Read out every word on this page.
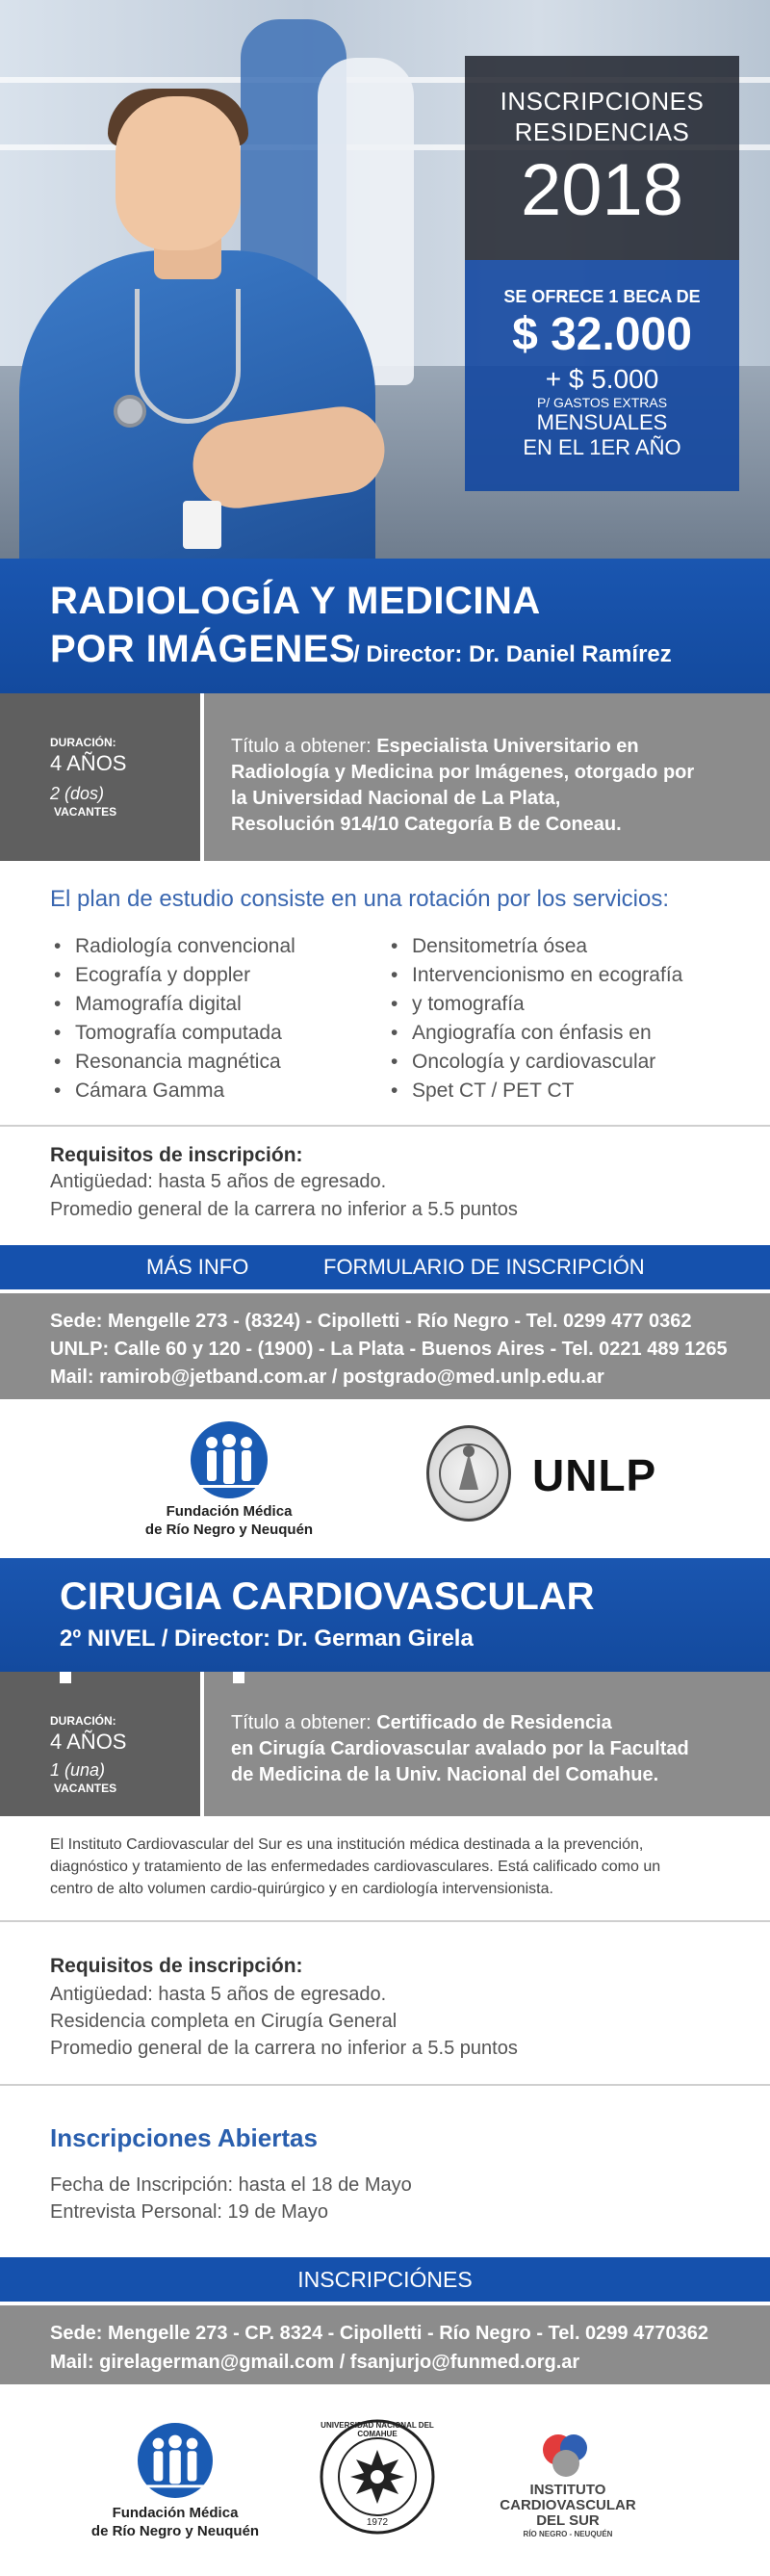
INSCRIPCIONES
RESIDENCIAS
2018
SE OFRECE 1 BECA DE
$ 32.000
+ $ 5.000
P/ GASTOS EXTRAS
MENSUALES
EN EL 1ER AÑO
RADIOLOGÍA Y MEDICINA
POR IMÁGENES
/ Director: Dr. Daniel Ramírez
DURACIÓN:
4 AÑOS
2 (dos)
VACANTES
Título a obtener: Especialista Universitario en
Radiología y Medicina por Imágenes, otorgado por
la Universidad Nacional de La Plata,
Resolución 914/10 Categoría B de Coneau.
El plan de estudio consiste en una rotación por los servicios:
• Radiología convencional
• Ecografía y doppler
• Mamografía digital
• Tomografía computada
• Resonancia magnética
• Cámara Gamma
• Densitometría ósea
• Intervencionismo en ecografía
• y tomografía
• Angiografía con énfasis en
• Oncología y cardiovascular
• Spet CT / PET CT
Requisitos de inscripción:
Antigüedad: hasta 5 años de egresado.
Promedio general de la carrera no inferior a 5.5 puntos
MÁS INFO	FORMULARIO DE INSCRIPCIÓN
Sede: Mengelle 273 - (8324) - Cipolletti - Río Negro - Tel. 0299 477 0362
UNLP: Calle 60 y 120 - (1900) - La Plata - Buenos Aires - Tel. 0221 489 1265
Mail: ramirob@jetband.com.ar / postgrado@med.unlp.edu.ar
Fundación Médica
de Río Negro y Neuquén
UNLP
CIRUGIA CARDIOVASCULAR
2º NIVEL / Director: Dr. German Girela
DURACIÓN:
4 AÑOS
1 (una)
VACANTES
Título a obtener: Certificado de Residencia
en Cirugía Cardiovascular avalado por la Facultad
de Medicina de la Univ. Nacional del Comahue.
El Instituto Cardiovascular del Sur es una institución médica destinada a la prevención,
diagnóstico y tratamiento de las enfermedades cardiovasculares. Está calificado como un
centro de alto volumen cardio-quirúrgico y en cardiología intervensionista.
Requisitos de inscripción:
Antigüedad: hasta 5 años de egresado.
Residencia completa en Cirugía General
Promedio general de la carrera no inferior a 5.5 puntos
Inscripciones Abiertas
Fecha de Inscripción: hasta el 18 de Mayo
Entrevista Personal: 19 de Mayo
INSCRIPCIÓNES
Sede: Mengelle 273 - CP. 8324 - Cipolletti - Río Negro - Tel. 0299 4770362
Mail: girelagerman@gmail.com / fsanjurjo@funmed.org.ar
Fundación Médica
de Río Negro y Neuquén
UNIVERSIDAD NACIONAL DEL COMAHUE
1972
INSTITUTO
CARDIOVASCULAR
DEL SUR
RÍO NEGRO - NEUQUÉN
